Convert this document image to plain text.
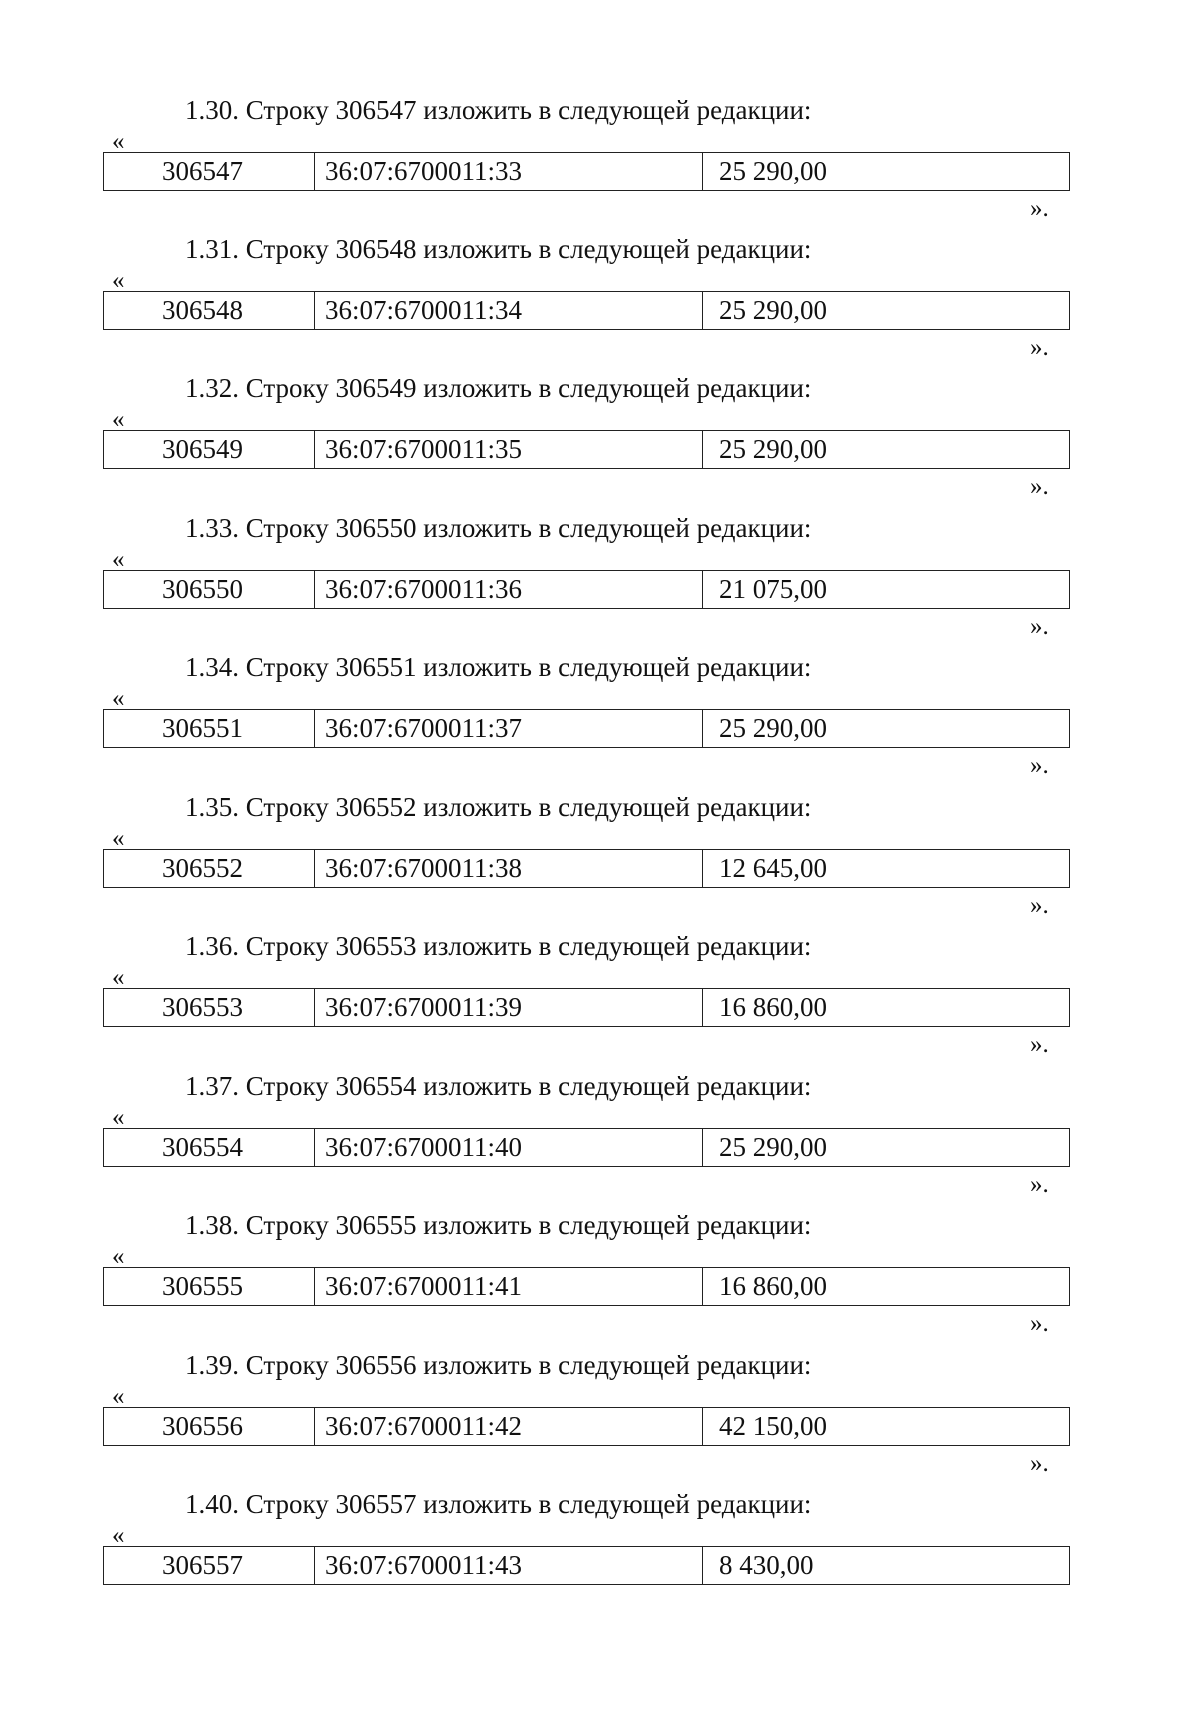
1.30. Строку 306547 изложить в следующей редакции:
«
306547	36:07:6700011:33	25 290,00
».
1.31. Строку 306548 изложить в следующей редакции:
«
306548	36:07:6700011:34	25 290,00
».
1.32. Строку 306549 изложить в следующей редакции:
«
306549	36:07:6700011:35	25 290,00
».
1.33. Строку 306550 изложить в следующей редакции:
«
306550	36:07:6700011:36	21 075,00
».
1.34. Строку 306551 изложить в следующей редакции:
«
306551	36:07:6700011:37	25 290,00
».
1.35. Строку 306552 изложить в следующей редакции:
«
306552	36:07:6700011:38	12 645,00
».
1.36. Строку 306553 изложить в следующей редакции:
«
306553	36:07:6700011:39	16 860,00
».
1.37. Строку 306554 изложить в следующей редакции:
«
306554	36:07:6700011:40	25 290,00
».
1.38. Строку 306555 изложить в следующей редакции:
«
306555	36:07:6700011:41	16 860,00
».
1.39. Строку 306556 изложить в следующей редакции:
«
306556	36:07:6700011:42	42 150,00
».
1.40. Строку 306557 изложить в следующей редакции:
«
306557	36:07:6700011:43	8 430,00
